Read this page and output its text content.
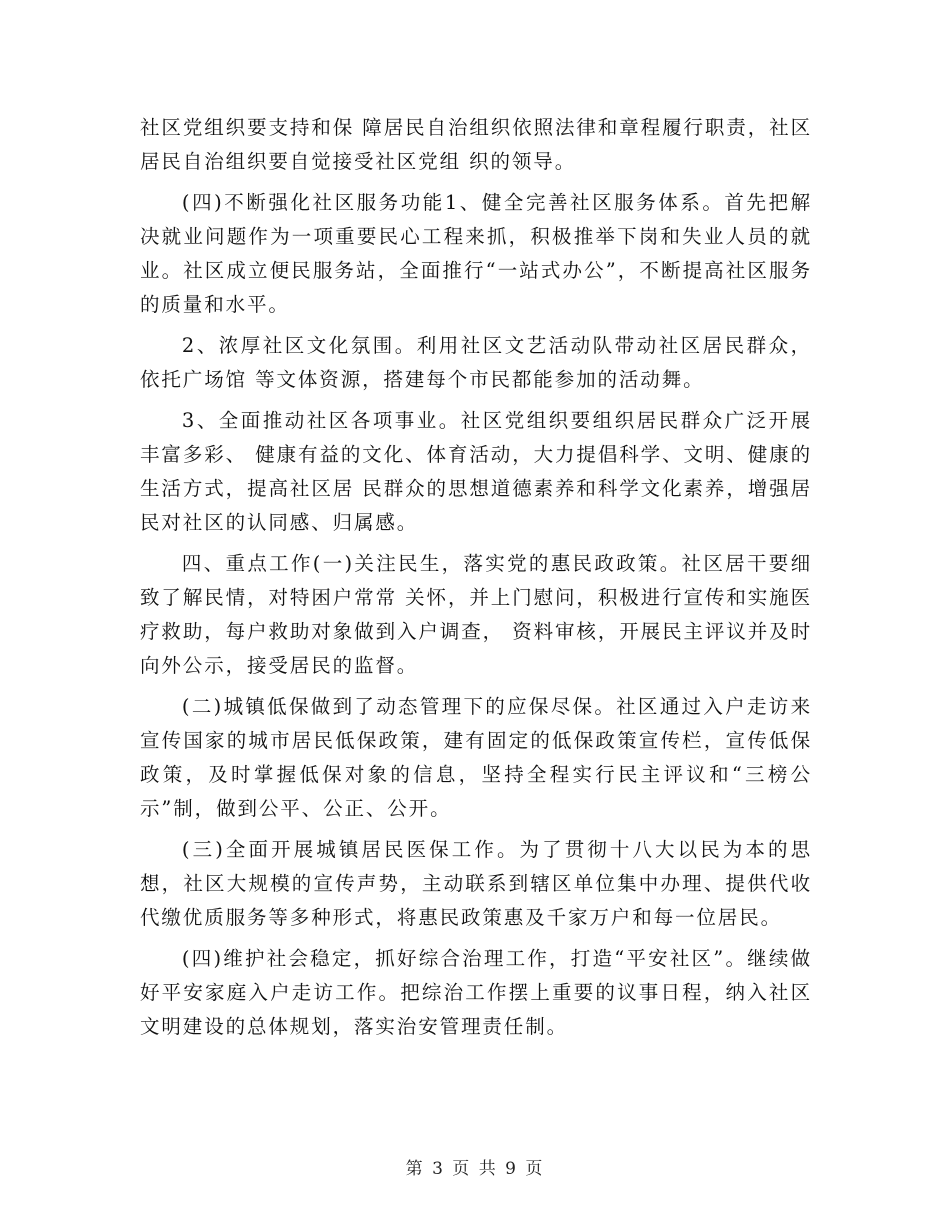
社区党组织要支持和保 障居民自治组织依照法律和章程履行职责，社区居民自治组织要自觉接受社区党组 织的领导。

(四)不断强化社区服务功能1、健全完善社区服务体系。首先把解决就业问题作为一项重要民心工程来抓，积极推举下岗和失业人员的就业。社区成立便民服务站，全面推行“一站式办公”，不断提高社区服务的质量和水平。

2、浓厚社区文化氛围。利用社区文艺活动队带动社区居民群众，依托广场馆 等文体资源，搭建每个市民都能参加的活动舞。

3、全面推动社区各项事业。社区党组织要组织居民群众广泛开展丰富多彩、 健康有益的文化、体育活动，大力提倡科学、文明、健康的生活方式，提高社区居 民群众的思想道德素养和科学文化素养，增强居民对社区的认同感、归属感。

四、重点工作(一)关注民生，落实党的惠民政政策。社区居干要细致了解民情，对特困户常常 关怀，并上门慰问，积极进行宣传和实施医疗救助，每户救助对象做到入户调查， 资料审核，开展民主评议并及时向外公示，接受居民的监督。

(二)城镇低保做到了动态管理下的应保尽保。社区通过入户走访来宣传国家的城市居民低保政策，建有固定的低保政策宣传栏，宣传低保政策，及时掌握低保对象的信息，坚持全程实行民主评议和“三榜公示”制，做到公平、公正、公开。

(三)全面开展城镇居民医保工作。为了贯彻十八大以民为本的思想，社区大规模的宣传声势，主动联系到辖区单位集中办理、提供代收代缴优质服务等多种形式，将惠民政策惠及千家万户和每一位居民。

(四)维护社会稳定，抓好综合治理工作，打造“平安社区”。继续做好平安家庭入户走访工作。把综治工作摆上重要的议事日程，纳入社区文明建设的总体规划，落实治安管理责任制。

第 3 页 共 9 页
